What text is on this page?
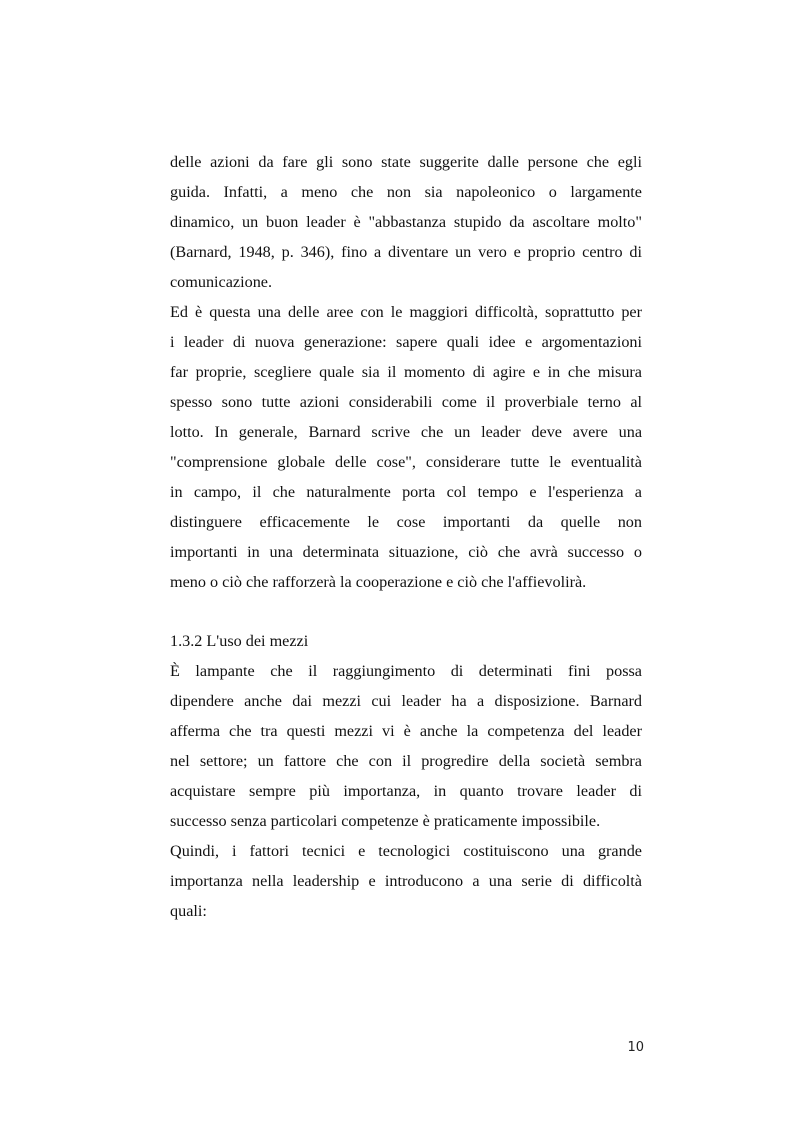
delle azioni da fare gli sono state suggerite dalle persone che egli
guida. Infatti, a meno che non sia napoleonico o largamente
dinamico, un buon leader è "abbastanza stupido da ascoltare molto"
(Barnard, 1948, p. 346), fino a diventare un vero e proprio centro di
comunicazione.
Ed è questa una delle aree con le maggiori difficoltà, soprattutto per
i leader di nuova generazione: sapere quali idee e argomentazioni
far proprie, scegliere quale sia il momento di agire e in che misura
spesso sono tutte azioni considerabili come il proverbiale terno al
lotto. In generale, Barnard scrive che un leader deve avere una
"comprensione globale delle cose", considerare tutte le eventualità
in campo, il che naturalmente porta col tempo e l'esperienza a
distinguere efficacemente le cose importanti da quelle non
importanti in una determinata situazione, ciò che avrà successo o
meno o ciò che rafforzerà la cooperazione e ciò che l'affievolirà.
1.3.2 L'uso dei mezzi
È lampante che il raggiungimento di determinati fini possa
dipendere anche dai mezzi cui leader ha a disposizione. Barnard
afferma che tra questi mezzi vi è anche la competenza del leader
nel settore; un fattore che con il progredire della società sembra
acquistare sempre più importanza, in quanto trovare leader di
successo senza particolari competenze è praticamente impossibile.
Quindi, i fattori tecnici e tecnologici costituiscono una grande
importanza nella leadership e introducono a una serie di difficoltà
quali:
10
